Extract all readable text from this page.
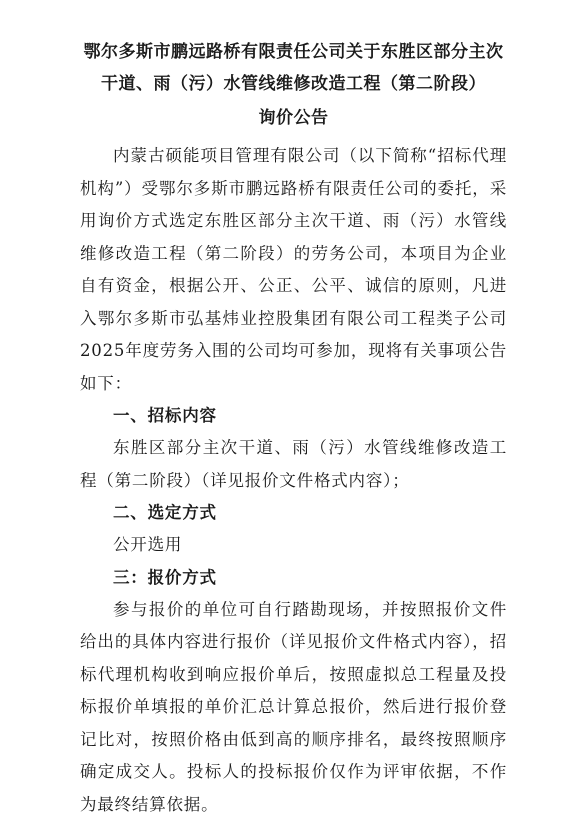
鄂尔多斯市鹏远路桥有限责任公司关于东胜区部分主次
干道、雨（污）水管线维修改造工程（第二阶段）
询价公告

内蒙古硕能项目管理有限公司（以下简称“招标代理机构”）受鄂尔多斯市鹏远路桥有限责任公司的委托，采用询价方式选定东胜区部分主次干道、雨（污）水管线维修改造工程（第二阶段）的劳务公司，本项目为企业自有资金，根据公开、公正、公平、诚信的原则，凡进入鄂尔多斯市弘基炜业控股集团有限公司工程类子公司2025年度劳务入围的公司均可参加，现将有关事项公告如下：

一、招标内容

东胜区部分主次干道、雨（污）水管线维修改造工程（第二阶段）（详见报价文件格式内容）；

二、选定方式

公开选用

三：报价方式

参与报价的单位可自行踏勘现场，并按照报价文件给出的具体内容进行报价（详见报价文件格式内容），招标代理机构收到响应报价单后，按照虚拟总工程量及投标报价单填报的单价汇总计算总报价，然后进行报价登记比对，按照价格由低到高的顺序排名，最终按照顺序确定成交人。投标人的投标报价仅作为评审依据，不作为最终结算依据。
